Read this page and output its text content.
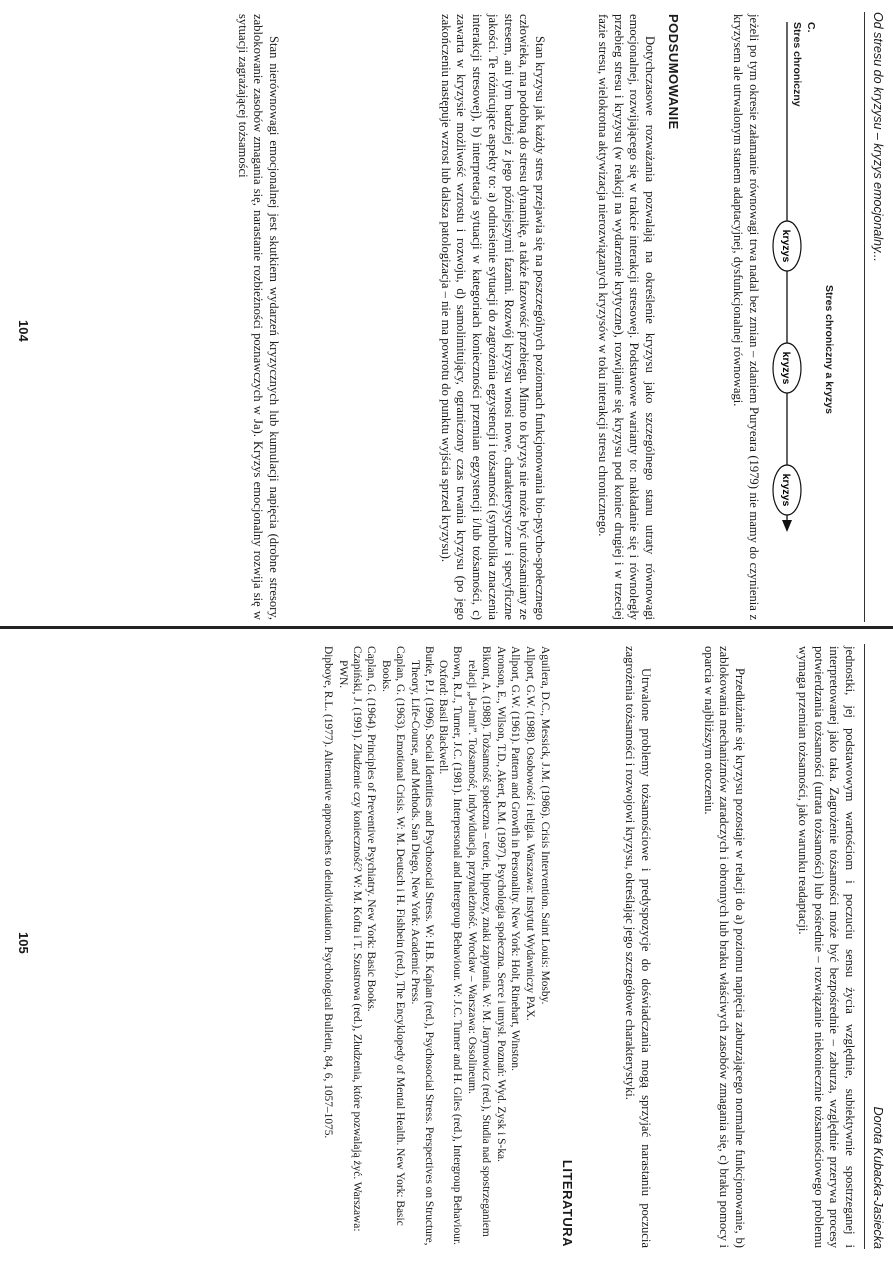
Od stresu do kryzysu – kryzys emocjonalny...
Stres chroniczny a kryzys
C.
Stres chroniczny
kryzys
kryzys
kryzys

jeżeli po tym okresie załamanie równowagi trwa nadal bez zmian – zdaniem Puryeara (1979) nie mamy do czynienia z kryzysem ale utrwalonym stanem adaptacyjnej, dysfunkcjonalnej równowagi.

PODSUMOWANIE

Dotychczasowe rozważania pozwalają na określenie kryzysu jako szczególnego stanu utraty równowagi emocjonalnej, rozwijającego się w trakcie interakcji stresowej. Podstawowe warianty to: nakładanie się i równoległy przebieg stresu i kryzysu (w reakcji na wydarzenie krytyczne), rozwijanie się kryzysu pod koniec drugiej i w trzeciej fazie stresu, wielokrotna aktywizacja nierozwiązanych kryzysów w toku interakcji stresu chronicznego.

Stan kryzysu jak każdy stres przejawia się na poszczególnych poziomach funkcjonowania bio-psycho-społecznego człowieka, ma podobną do stresu dynamikę, a także fazowość przebiegu. Mimo to kryzys nie może być utożsamiany ze stresem, ani tym bardziej z jego późniejszymi fazami. Rozwój kryzysu wnosi nowe, charakterystyczne i specyficzne jakości. Te różnicujące aspekty to: a) odniesienie sytuacji do zagrożenia egzystencji i tożsamości (symbolika znaczenia interakcji stresowej), b) interpretacja sytuacji w kategoriach konieczności przemian egzystencji i/lub tożsamości, c) zawarta w kryzysie możliwość wzrostu i rozwoju, d) samolimitujący, ograniczony czas trwania kryzysu (po jego zakończeniu następuje wzrost lub dalsza patologizacja – nie ma powrotu do punktu wyjścia sprzed kryzysu).

Stan nierównowagi emocjonalnej jest skutkiem wydarzeń kryzycznych lub kumulacji napięcia (drobne stresory, zablokowanie zasobów zmagania się, narastanie rozbieżności poznawczych w Ja). Kryzys emocjonalny rozwija się w sytuacji zagrażającej tożsamości

104
Dorota Kubacka-Jasiecka

jednostki, jej podstawowym wartościom i poczuciu sensu życia względnie, subiektywnie spostrzeganej i interpretowanej jako taka. Zagrożenie tożsamości może być bezpośrednie – zaburza, względnie przerywa procesy potwierdzania tożsamości (utrata tożsamości) lub pośrednie – rozwiązanie niekoniecznie tożsamościowego problemu wymaga przemian tożsamości, jako warunku readaptacji.

Przedłużanie się kryzysu pozostaje w relacji do a) poziomu napięcia zaburzającego normalne funkcjonowanie, b) zablokowania mechanizmów zaradczych i obronnych lub braku właściwych zasobów zmagania się, c) braku pomocy i oparcia w najbliższym otoczeniu.

Utrwalone problemy tożsamościowe i predyspozycje do doświadczania mogą sprzyjać narastaniu poczucia zagrożenia tożsamości i rozwojowi kryzysu, określając jego szczegółowe charakterystyki.

LITERATURA

Aguilera, D.C., Messick, J.M. (1986). Crisis Intervention. Saint Louis: Mosby.

Allport, G.W. (1988). Osobowość i religia. Warszawa: Instytut Wydawniczy PAX.

Allport, G.W. (1961). Pattern and Growth in Personality. New York: Holt, Rinehart, Winston.

Aronson, E., Wilson, T.D., Akert, R.M. (1997). Psychologia społeczna. Serce i umysł. Poznań: Wyd. Zysk i S-ka.

Bikont, A. (1988). Tożsamość społeczna – teorie, hipotezy, znaki zapytania. W: M. Jarymowicz (red.), Studia nad spostrzeganiem relacji „Ja-inni”. Tożsamość, indywiduacja, przynależność. Wrocław – Warszawa: Ossolineum.

Brown, R.J., Turner, J.C. (1981). Interpersonal and Intergroup Behaviour. W: J.C. Turner and H. Giles (red.), Intergroup Behaviour. Oxford: Basil Blackwell.

Burke, P.J. (1996). Social Identities and Psychosocial Stress. W: H.B. Kaplan (red.), Psychosocial Stress. Perspectives on Structure, Theory, Life-Course, and Methods. San Diego, New York: Academic Press.

Caplan, G. (1963). Emotional Crisis. W: M. Deutsch i H. Fishbein (red.), The Encyklopedy of Mental Health. New York: Basic Books.

Caplan, G. (1964). Principles of Preventive Psychiatry. New York: Basic Books.

Czapiński, J. (1991). Złudzenie czy konieczność? W: M. Kofta i T. Szustrowa (red.), Złudzenia, które pozwalają żyć. Warszawa: PWN.

Dipboye, R.L. (1977). Alternative approaches to deindividuation. Psychological Bulletin, 84, 6, 1057–1075.

105
